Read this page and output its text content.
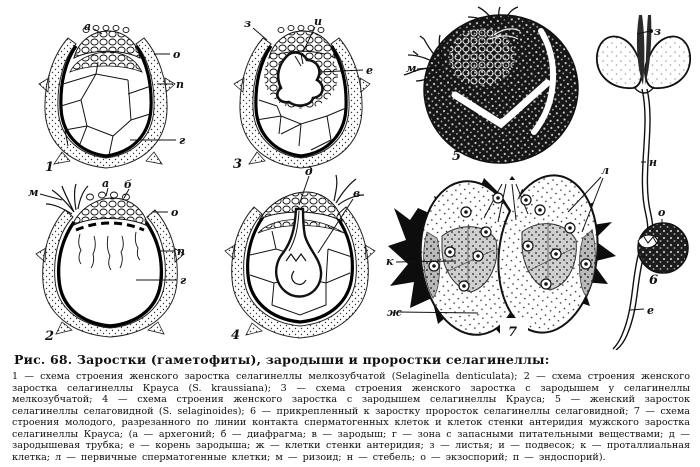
а
о
п
г
1
м
а б
о
п
г
2
з	и
е
3	д
в
4
м
5
к
ж
л
7
з
н
о
е
6

Рис. 68. Заростки (гаметофиты), зародыши и проростки селагинеллы:

1 — схема строения женского заростка селагинеллы мелкозубчатой (Selaginella denticulata); 2 — схема строения женского заростка селагинеллы Крауса (S. kraussiana); 3 — схема строения женского заростка с зародышем у селагинеллы мелкозубчатой; 4 — схема строения женского заростка с зародышем селагинеллы Крауса; 5 — женский заросток селагинеллы селаговидной (S. selaginoides); 6 — прикрепленный к заростку проросток селагинеллы селаговидной; 7 — схема строения молодого, разрезанного по линии контакта сперматогенных клеток и клеток стенки антеридия мужского заростка селагинеллы Крауса; (а — архегоний; б — диафрагма; в — зародыш; г — зона с запасными питательными веществами; д — зародышевая трубка; е — корень зародыша; ж — клетки стенки антеридия; з — листья; и — подвесок; к — проталлиальная клетка; л — первичные сперматогенные клетки; м — ризоид; н — стебель; о — экзоспорий; п — эндоспорий).
